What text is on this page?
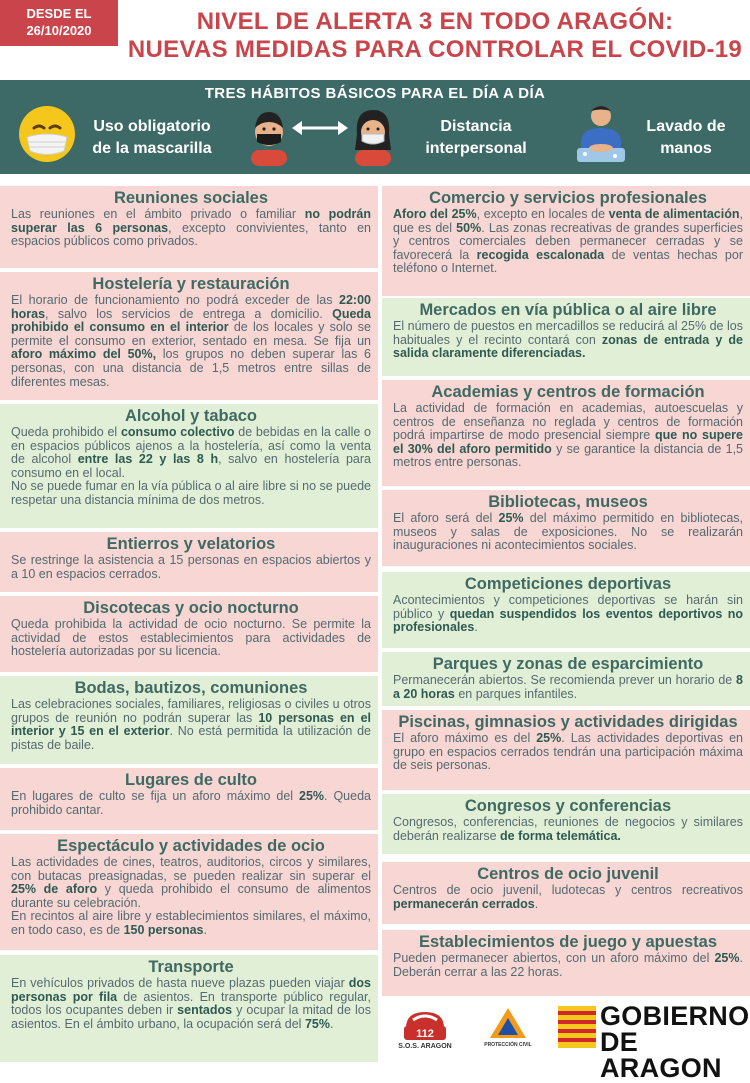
DESDE EL
26/10/2020	NIVEL DE ALERTA 3 EN TODO ARAGÓN:
NUEVAS MEDIDAS PARA CONTROLAR EL COVID-19
TRES HÁBITOS BÁSICOS PARA EL DÍA A DÍA
Uso obligatorio
de la mascarilla
Distancia
interpersonal
Lavado de
manos
Reuniones sociales

Las reuniones en el ámbito privado o familiar no podrán superar las 6 personas, excepto convivientes, tanto en espacios públicos como privados.

Hostelería y restauración

El horario de funcionamiento no podrá exceder de las 22:00 horas, salvo los servicios de entrega a domicilio. Queda prohibido el consumo en el interior de los locales y solo se permite el consumo en exterior, sentado en mesa. Se fija un aforo máximo del 50%, los grupos no deben superar las 6 personas, con una distancia de 1,5 metros entre sillas de diferentes mesas.

Alcohol y tabaco

Queda prohibido el consumo colectivo de bebidas en la calle o en espacios públicos ajenos a la hostelería, así como la venta de alcohol entre las 22 y las 8 h, salvo en hostelería para consumo en el local.
No se puede fumar en la vía pública o al aire libre si no se puede respetar una distancia mínima de dos metros.

Entierros y velatorios

Se restringe la asistencia a 15 personas en espacios abiertos y a 10 en espacios cerrados.

Discotecas y ocio nocturno

Queda prohibida la actividad de ocio nocturno. Se permite la actividad de estos establecimientos para actividades de hostelería autorizadas por su licencia.

Bodas, bautizos, comuniones

Las celebraciones sociales, familiares, religiosas o civiles u otros grupos de reunión no podrán superar las 10 personas en el interior y 15 en el exterior. No está permitida la utilización de pistas de baile.

Lugares de culto

En lugares de culto se fija un aforo máximo del 25%. Queda prohibido cantar.

Espectáculo y actividades de ocio

Las actividades de cines, teatros, auditorios, circos y similares, con butacas preasignadas, se pueden realizar sin superar el 25% de aforo y queda prohibido el consumo de alimentos durante su celebración.
En recintos al aire libre y establecimientos similares, el máximo, en todo caso, es de 150 personas.

Transporte

En vehículos privados de hasta nueve plazas pueden viajar dos personas por fila de asientos. En transporte público regular, todos los ocupantes deben ir sentados y ocupar la mitad de los asientos. En el ámbito urbano, la ocupación será del 75%.

Comercio y servicios profesionales

Aforo del 25%, excepto en locales de venta de alimentación, que es del 50%. Las zonas recreativas de grandes superficies y centros comerciales deben permanecer cerradas y se favorecerá la recogida escalonada de ventas hechas por teléfono o Internet.

Mercados en vía pública o al aire libre

El número de puestos en mercadillos se reducirá al 25% de los habituales y el recinto contará con zonas de entrada y de salida claramente diferenciadas.

Academias y centros de formación

La actividad de formación en academias, autoescuelas y centros de enseñanza no reglada y centros de formación podrá impartirse de modo presencial siempre que no supere el 30% del aforo permitido y se garantice la distancia de 1,5 metros entre personas.

Bibliotecas, museos

El aforo será del 25% del máximo permitido en bibliotecas, museos y salas de exposiciones. No se realizarán inauguraciones ni acontecimientos sociales.

Competiciones deportivas

Acontecimientos y competiciones deportivas se harán sin público y quedan suspendidos los eventos deportivos no profesionales.

Parques y zonas de esparcimiento

Permanecerán abiertos. Se recomienda prever un horario de 8 a 20 horas en parques infantiles.

Piscinas, gimnasios y actividades dirigidas

El aforo máximo es del 25%. Las actividades deportivas en grupo en espacios cerrados tendrán una participación máxima de seis personas.

Congresos y conferencias

Congresos, conferencias, reuniones de negocios y similares deberán realizarse de forma telemática.

Centros de ocio juvenil

Centros de ocio juvenil, ludotecas y centros recreativos permanecerán cerrados.

Establecimientos de juego y apuestas

Pueden permanecer abiertos, con un aforo máximo del 25%. Deberán cerrar a las 22 horas.

112
S.O.S. ARAGON	PROTECCIÓN CIVIL
GOBIERNO
DE ARAGON
